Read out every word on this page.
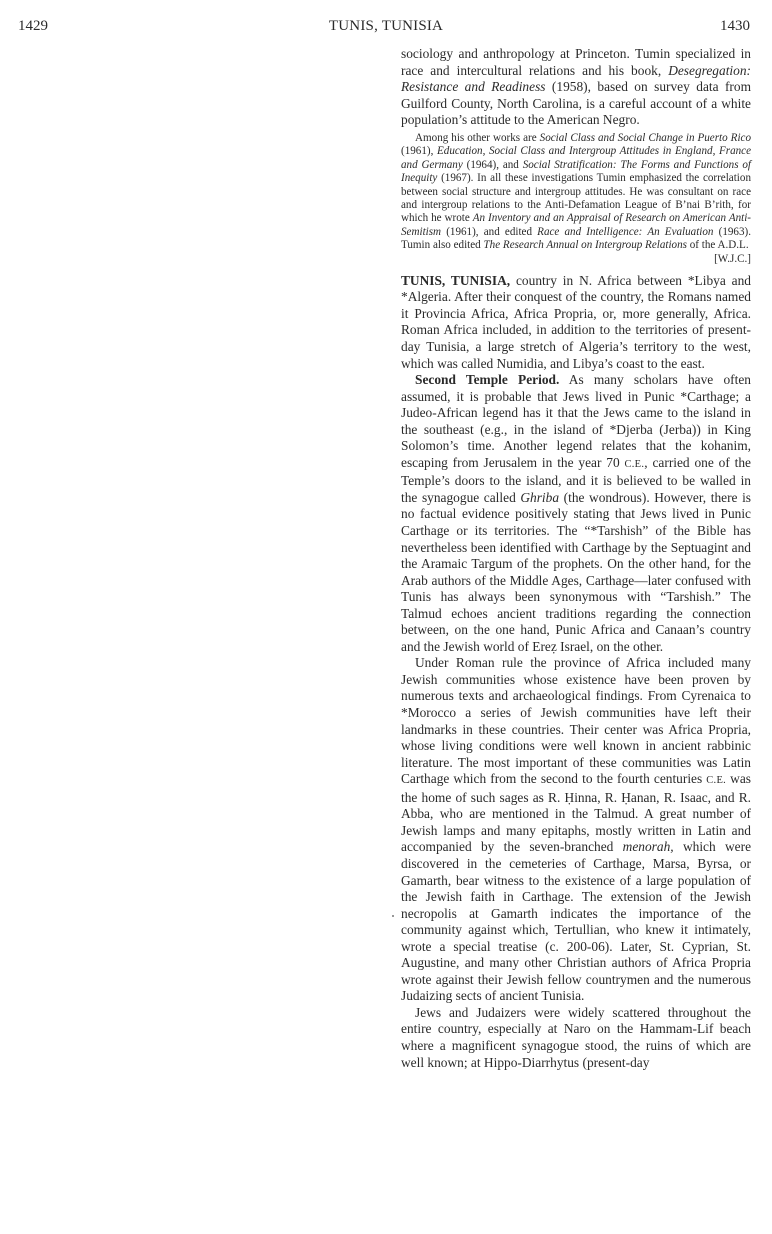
1429	TUNIS, TUNISIA	1430

sociology and anthropology at Princeton. Tumin specialized in race and intercultural relations and his book, Desegregation: Resistance and Readiness (1958), based on survey data from Guilford County, North Carolina, is a careful account of a white population’s attitude to the American Negro.

Among his other works are Social Class and Social Change in Puerto Rico (1961), Education, Social Class and Intergroup Attitudes in England, France and Germany (1964), and Social Stratification: The Forms and Functions of Inequity (1967). In all these investigations Tumin emphasized the correlation between social structure and intergroup attitudes. He was consultant on race and intergroup relations to the Anti-Defamation League of B’nai B’rith, for which he wrote An Inventory and an Appraisal of Research on American Anti-Semitism (1961), and edited Race and Intelligence: An Evaluation (1963). Tumin also edited The Research Annual on Intergroup Relations of the A.D.L.
[W.J.C.]

TUNIS, TUNISIA, country in N. Africa between *Libya and *Algeria. After their conquest of the country, the Romans named it Provincia Africa, Africa Propria, or, more generally, Africa. Roman Africa included, in addition to the territories of present-day Tunisia, a large stretch of Algeria’s territory to the west, which was called Numidia, and Libya’s coast to the east.

Second Temple Period. As many scholars have often assumed, it is probable that Jews lived in Punic *Carthage; a Judeo-African legend has it that the Jews came to the island in the southeast (e.g., in the island of *Djerba (Jerba)) in King Solomon’s time. Another legend relates that the kohanim, escaping from Jerusalem in the year 70 C.E., carried one of the Temple’s doors to the island, and it is believed to be walled in the synagogue called Ghriba (the wondrous). However, there is no factual evidence positively stating that Jews lived in Punic Carthage or its territories. The “*Tarshish” of the Bible has nevertheless been identified with Carthage by the Septuagint and the Aramaic Targum of the prophets. On the other hand, for the Arab authors of the Middle Ages, Carthage—later confused with Tunis has always been synonymous with “Tarshish.” The Talmud echoes ancient traditions regarding the connection between, on the one hand, Punic Africa and Canaan’s country and the Jewish world of Ereẓ Israel, on the other.

Under Roman rule the province of Africa included many Jewish communities whose existence have been proven by numerous texts and archaeological findings. From Cyrenaica to *Morocco a series of Jewish communities have left their landmarks in these countries. Their center was Africa Propria, whose living conditions were well known in ancient rabbinic literature. The most important of these communities was Latin Carthage which from the second to the fourth centuries C.E. was the home of such sages as R. Ḥinna, R. Ḥanan, R. Isaac, and R. Abba, who are mentioned in the Talmud. A great number of Jewish lamps and many epitaphs, mostly written in Latin and accompanied by the seven-branched menorah, which were discovered in the cemeteries of Carthage, Marsa, Byrsa, or Gamarth, bear witness to the existence of a large population of the Jewish faith in Carthage. The extension of the Jewish necropolis at Gamarth indicates the importance of the community against which, Tertullian, who knew it intimately, wrote a special treatise (c. 200-06). Later, St. Cyprian, St. Augustine, and many other Christian authors of Africa Propria wrote against their Jewish fellow countrymen and the numerous Judaizing sects of ancient Tunisia.

Jews and Judaizers were widely scattered throughout the entire country, especially at Naro on the Hammam-Lif beach where a magnificent synagogue stood, the ruins of which are well known; at Hippo-Diarrhytus (present-day
